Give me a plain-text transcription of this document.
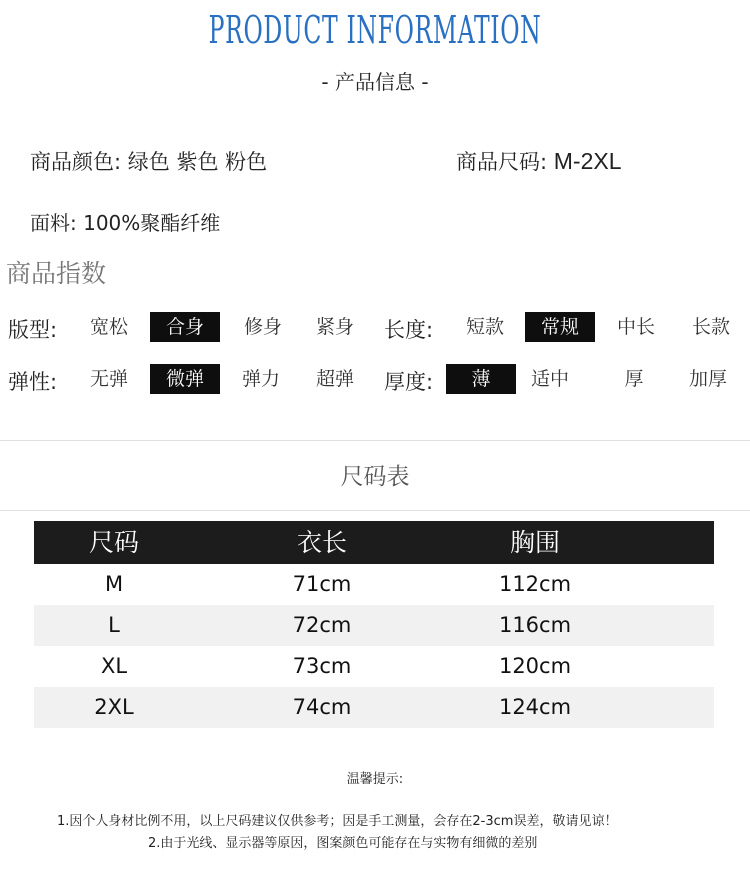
PRODUCT INFORMATION
- 产品信息 -
商品颜色: 绿色 紫色 粉色	商品尺码: M-2XL
面料: 100%聚酯纤维
商品指数
版型:	宽松	合身	修身	紧身	长度:	短款	常规	中长	长款
弹性:	无弹	微弹	弹力	超弹	厚度:	薄	适中	厚	加厚
尺码表
尺码	衣长	胸围
M	71cm	112cm
L	72cm	116cm
XL	73cm	120cm
2XL	74cm	124cm
温馨提示:
1.因个人身材比例不用，以上尺码建议仅供参考；因是手工测量，会存在2-3cm误差，敬请见谅！
2.由于光线、显示器等原因，图案颜色可能存在与实物有细微的差别
